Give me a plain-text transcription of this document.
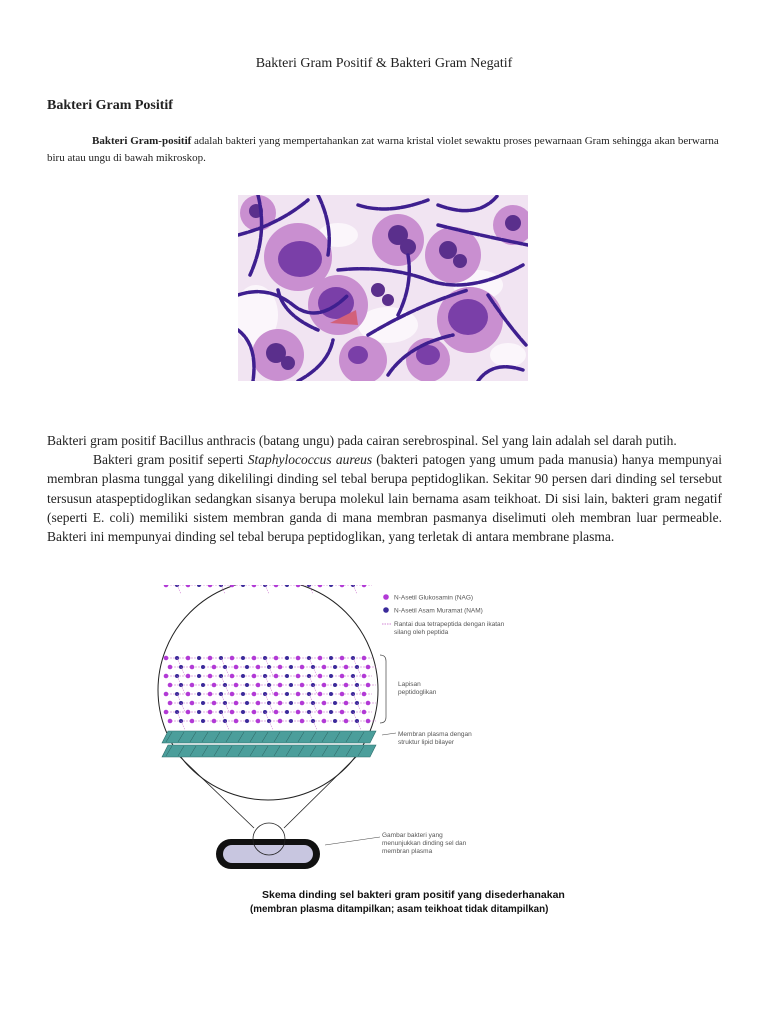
Bakteri Gram Positif & Bakteri Gram Negatif
Bakteri Gram Positif
Bakteri Gram-positif adalah bakteri yang mempertahankan zat warna kristal violet sewaktu proses pewarnaan Gram sehingga akan berwarna biru atau ungu di bawah mikroskop.

Bakteri gram positif Bacillus anthracis (batang ungu) pada cairan serebrospinal. Sel yang lain adalah sel darah putih.

Bakteri gram positif seperti Staphylococcus aureus (bakteri patogen yang umum pada manusia) hanya mempunyai membran plasma tunggal yang dikelilingi dinding sel tebal berupa peptidoglikan. Sekitar 90 persen dari dinding sel tersebut tersusun ataspeptidoglikan sedangkan sisanya berupa molekul lain bernama asam teikhoat. Di sisi lain, bakteri gram negatif (seperti E. coli) memiliki sistem membran ganda di mana membran pasmanya diselimuti oleh membran luar permeable. Bakteri ini mempunyai dinding sel tebal berupa peptidoglikan, yang terletak di antara membrane plasma.

N-Asetil Glukosamin (NAG)
N-Asetil Asam Muramat (NAM)
Rantai dua tetrapeptida dengan ikatan
silang oleh peptida
Lapisan
peptidoglikan
Membran plasma dengan
struktur lipid bilayer
Gambar bakteri yang
menunjukkan dinding sel dan
membran plasma
Skema dinding sel bakteri gram positif yang disederhanakan
(membran plasma ditampilkan; asam teikhoat tidak ditampilkan)
